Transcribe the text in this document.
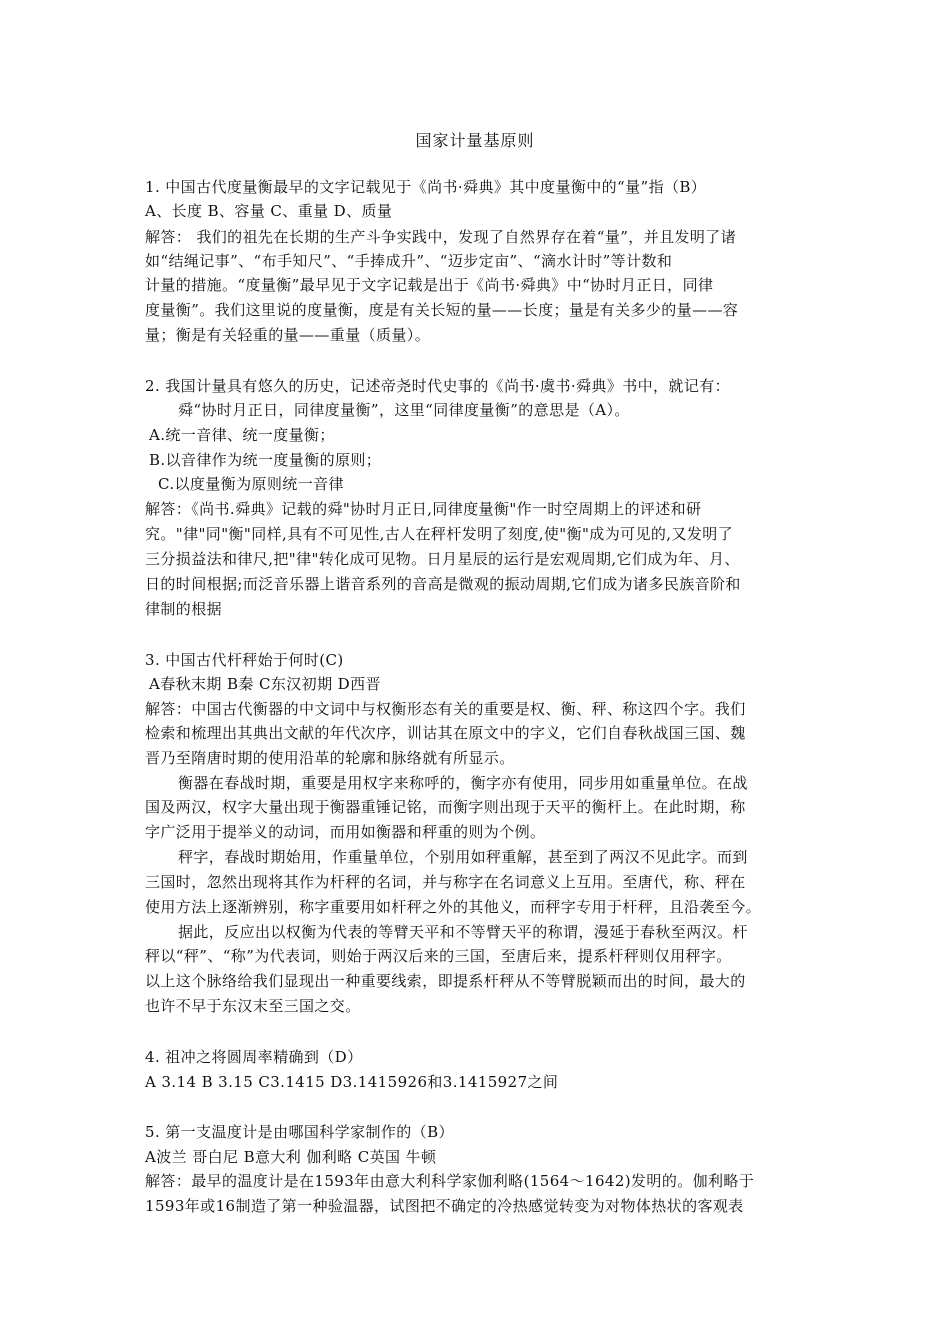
国家计量基原则
1. 中国古代度量衡最早的文字记载见于《尚书·舜典》其中度量衡中的“量”指（B）
A、长度 B、容量 C、重量 D、质量
解答： 我们的祖先在长期的生产斗争实践中，发现了自然界存在着“量”，并且发明了诸
如“结绳记事”、“布手知尺”、“手捧成升”、“迈步定亩”、“滴水计时”等计数和
计量的措施。“度量衡”最早见于文字记载是出于《尚书·舜典》中“协时月正日，同律
度量衡”。我们这里说的度量衡，度是有关长短的量——长度；量是有关多少的量——容
量；衡是有关轻重的量——重量（质量）。
2. 我国计量具有悠久的历史，记述帝尧时代史事的《尚书·虞书·舜典》书中，就记有：
舜“协时月正日，同律度量衡”，这里“同律度量衡”的意思是（A）。
A.统一音律、统一度量衡；
B.以音律作为统一度量衡的原则；
C.以度量衡为原则统一音律
解答：《尚书.舜典》记载的舜"协时月正日,同律度量衡"作一时空周期上的评述和研
究。"律"同"衡"同样,具有不可见性,古人在秤杆发明了刻度,使"衡"成为可见的,又发明了
三分损益法和律尺,把"律"转化成可见物。日月星辰的运行是宏观周期,它们成为年、月、
日的时间根据;而泛音乐器上谐音系列的音高是微观的振动周期,它们成为诸多民族音阶和
律制的根据
3. 中国古代杆秤始于何时(C)
A春秋末期 B秦 C东汉初期 D西晋
解答：中国古代衡器的中文词中与权衡形态有关的重要是权、衡、秤、称这四个字。我们
检索和梳理出其典出文献的年代次序，训诂其在原文中的字义，它们自春秋战国三国、魏
晋乃至隋唐时期的使用沿革的轮廓和脉络就有所显示。
衡器在春战时期，重要是用权字来称呼的，衡字亦有使用，同步用如重量单位。在战
国及两汉，权字大量出现于衡器重锤记铭，而衡字则出现于天平的衡杆上。在此时期，称
字广泛用于提举义的动词，而用如衡器和秤重的则为个例。
秤字，春战时期始用，作重量单位，个别用如秤重解，甚至到了两汉不见此字。而到
三国时，忽然出现将其作为杆秤的名词，并与称字在名词意义上互用。至唐代，称、秤在
使用方法上逐渐辨别，称字重要用如杆秤之外的其他义，而秤字专用于杆秤，且沿袭至今。
据此，反应出以权衡为代表的等臂天平和不等臂天平的称谓，漫延于春秋至两汉。杆
秤以“秤”、“称”为代表词，则始于两汉后来的三国，至唐后来，提系杆秤则仅用秤字。
以上这个脉络给我们显现出一种重要线索，即提系杆秤从不等臂脱颖而出的时间，最大的
也许不早于东汉末至三国之交。
4. 祖冲之将圆周率精确到（D）
A 3.14 B 3.15 C3.1415 D3.1415926和3.1415927之间
5. 第一支温度计是由哪国科学家制作的（B）
A波兰 哥白尼 B意大利 伽利略 C英国 牛顿
解答：最早的温度计是在1593年由意大利科学家伽利略(1564～1642)发明的。伽利略于
1593年或16制造了第一种验温器，试图把不确定的冷热感觉转变为对物体热状的客观表
